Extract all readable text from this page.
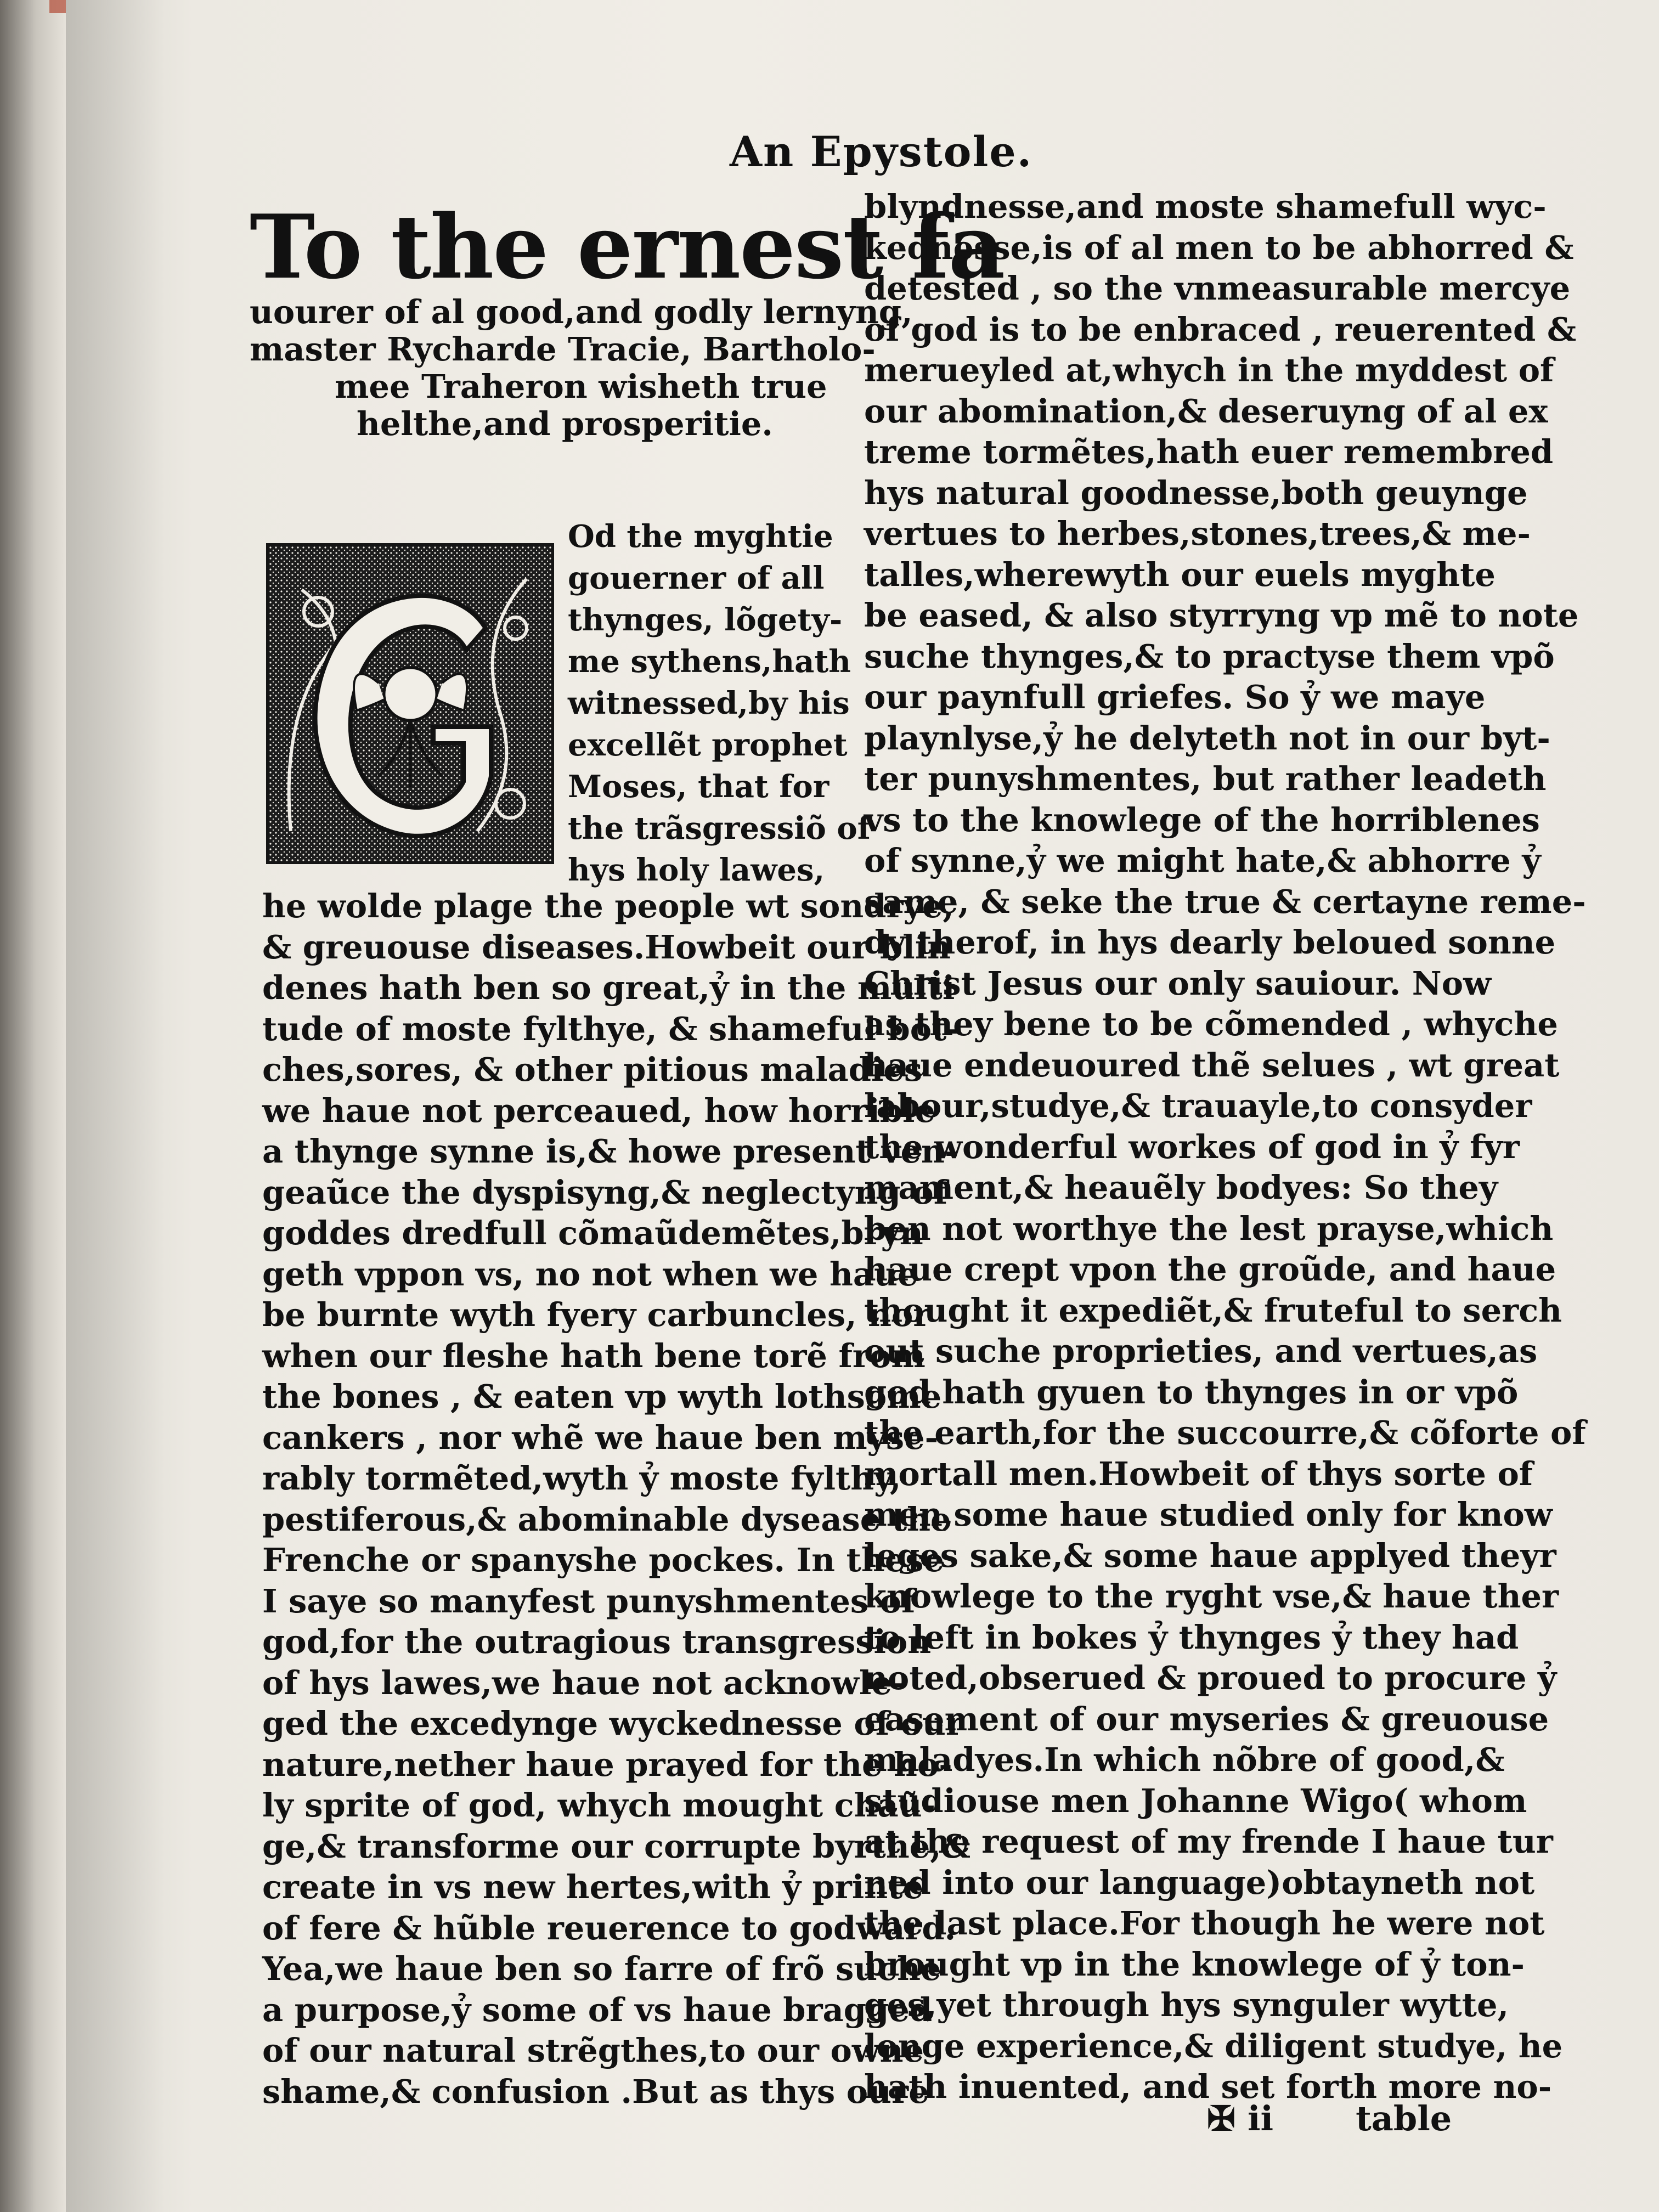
An Epystole.
To the ernest fa
uourer of al good,and godly lernyng,
master Rycharde Tracie, Bartholo-
mee Traheron wisheth true
helthe,and prosperitie.
Od the myghtie
gouerner of all
thynges, lõgety-
me sythens,hath
witnessed,by his
excellẽt prophet
Moses, that for
the trãsgressiõ of
hys holy lawes,
he wolde plage the people wt sondrye,
& greuouse diseases.Howbeit our blin
denes hath ben so great,ỷ in the multi
tude of moste fylthye, & shameful bot-
ches,sores, & other pitious maladies
we haue not perceaued, how horrible
a thynge synne is,& howe present ven-
geaũce the dyspisyng,& neglectyng of
goddes dredfull cõmaũdemẽtes,bryn
geth vppon vs, no not when we haue
be burnte wyth fyery carbuncles, nor
when our fleshe hath bene torẽ from
the bones , & eaten vp wyth lothsome
cankers , nor whẽ we haue ben myse-
rably tormẽted,wyth ỷ moste fylthy,
pestiferous,& abominable dysease the
Frenche or spanyshe pockes. In these
I saye so manyfest punyshmentes of
god,for the outragious transgression
of hys lawes,we haue not acknowle-
ged the excedynge wyckednesse of our
nature,nether haue prayed for the ho-
ly sprite of god, whych mought chaũ-
ge,& transforme our corrupte byrthe,&
create in vs new hertes,with ỷ printe
of fere & hũble reuerence to godward.
Yea,we haue ben so farre of frõ suche
a purpose,ỷ some of vs haue bragged
of our natural strẽgthes,to our owne
shame,& confusion .But as thys oure
blyndnesse,and moste shamefull wyc-
kednesse,is of al men to be abhorred &
detested , so the vnmeasurable mercye
of god is to be enbraced , reuerented &
merueyled at,whych in the myddest of
our abomination,& deseruyng of al ex
treme tormẽtes,hath euer remembred
hys natural goodnesse,both geuynge
vertues to herbes,stones,trees,& me-
talles,wherewyth our euels myghte
be eased, & also styrryng vp mẽ to note
suche thynges,& to practyse them vpõ
our paynfull griefes. So ỷ we maye
playnlyse,ỷ he delyteth not in our byt-
ter punyshmentes, but rather leadeth
vs to the knowlege of the horriblenes
of synne,ỷ we might hate,& abhorre ỷ
same, & seke the true & certayne reme-
dy therof, in hys dearly beloued sonne
Christ Jesus our only sauiour. Now
as they bene to be cõmended , whyche
haue endeuoured thẽ selues , wt great
labour,studye,& trauayle,to consyder
the wonderful workes of god in ỷ fyr
mament,& heauẽly bodyes: So they
ben not worthye the lest prayse,which
haue crept vpon the groũde, and haue
thought it expediẽt,& fruteful to serch
out suche proprieties, and vertues,as
god hath gyuen to thynges in or vpõ
the earth,for the succourre,& cõforte of
mortall men.Howbeit of thys sorte of
men,some haue studied only for know
leges sake,& some haue applyed theyr
knowlege to the ryght vse,& haue ther
to left in bokes ỷ thynges ỷ they had
noted,obserued & proued to procure ỷ
easement of our myseries & greuouse
maladyes.In which nõbre of good,&
studiouse men Johanne Wigo( whom
at the request of my frende I haue tur
ned into our language)obtayneth not
the last place.For though he were not
brought vp in the knowlege of ỷ ton-
ges,yet through hys synguler wytte,
longe experience,& diligent studye, he
hath inuented, and set forth more no-
✠ ii table
